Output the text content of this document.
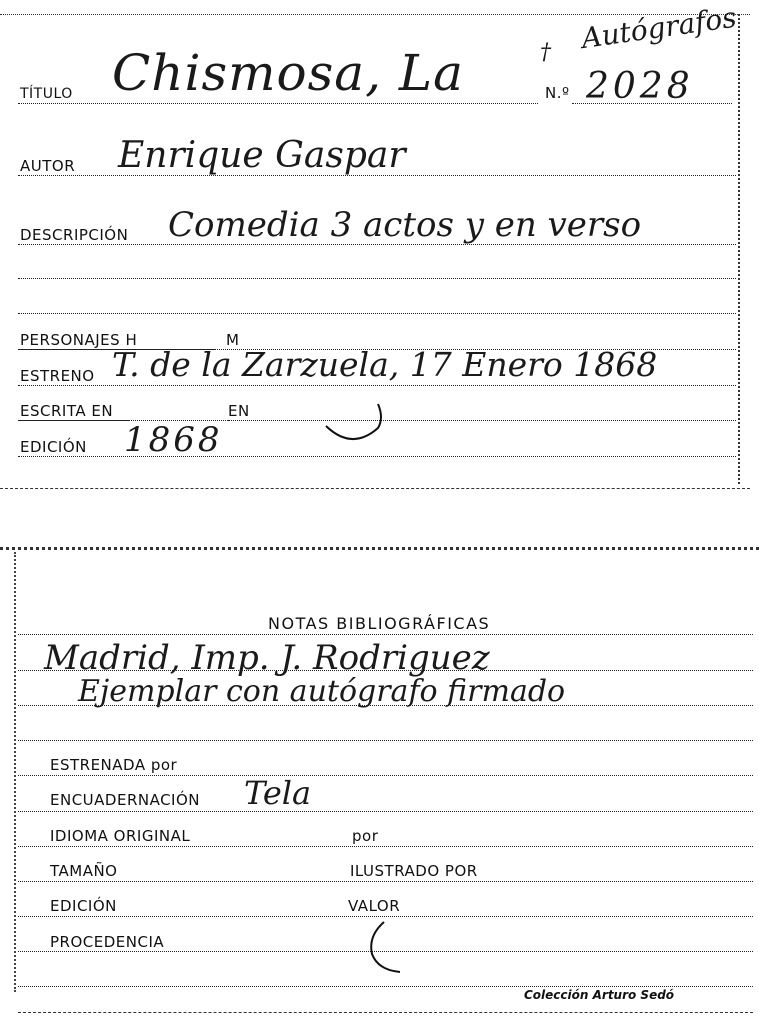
† Autógrafos
TÍTULO Chismosa, La	N.º 2028
AUTOR Enrique Gaspar
DESCRIPCIÓN Comedia 3 actos y en verso
PERSONAJES H	M
ESTRENO T. de la Zarzuela, 17 Enero 1868
ESCRITA EN	EN
EDICIÓN 1868
NOTAS BIBLIOGRÁFICAS
Madrid, Imp. J. Rodriguez
Ejemplar con autógrafo firmado
ESTRENADA por
ENCUADERNACIÓN Tela
IDIOMA ORIGINAL	por
TAMAÑO	ILUSTRADO POR
EDICIÓN	VALOR
PROCEDENCIA
Colección Arturo Sedó
